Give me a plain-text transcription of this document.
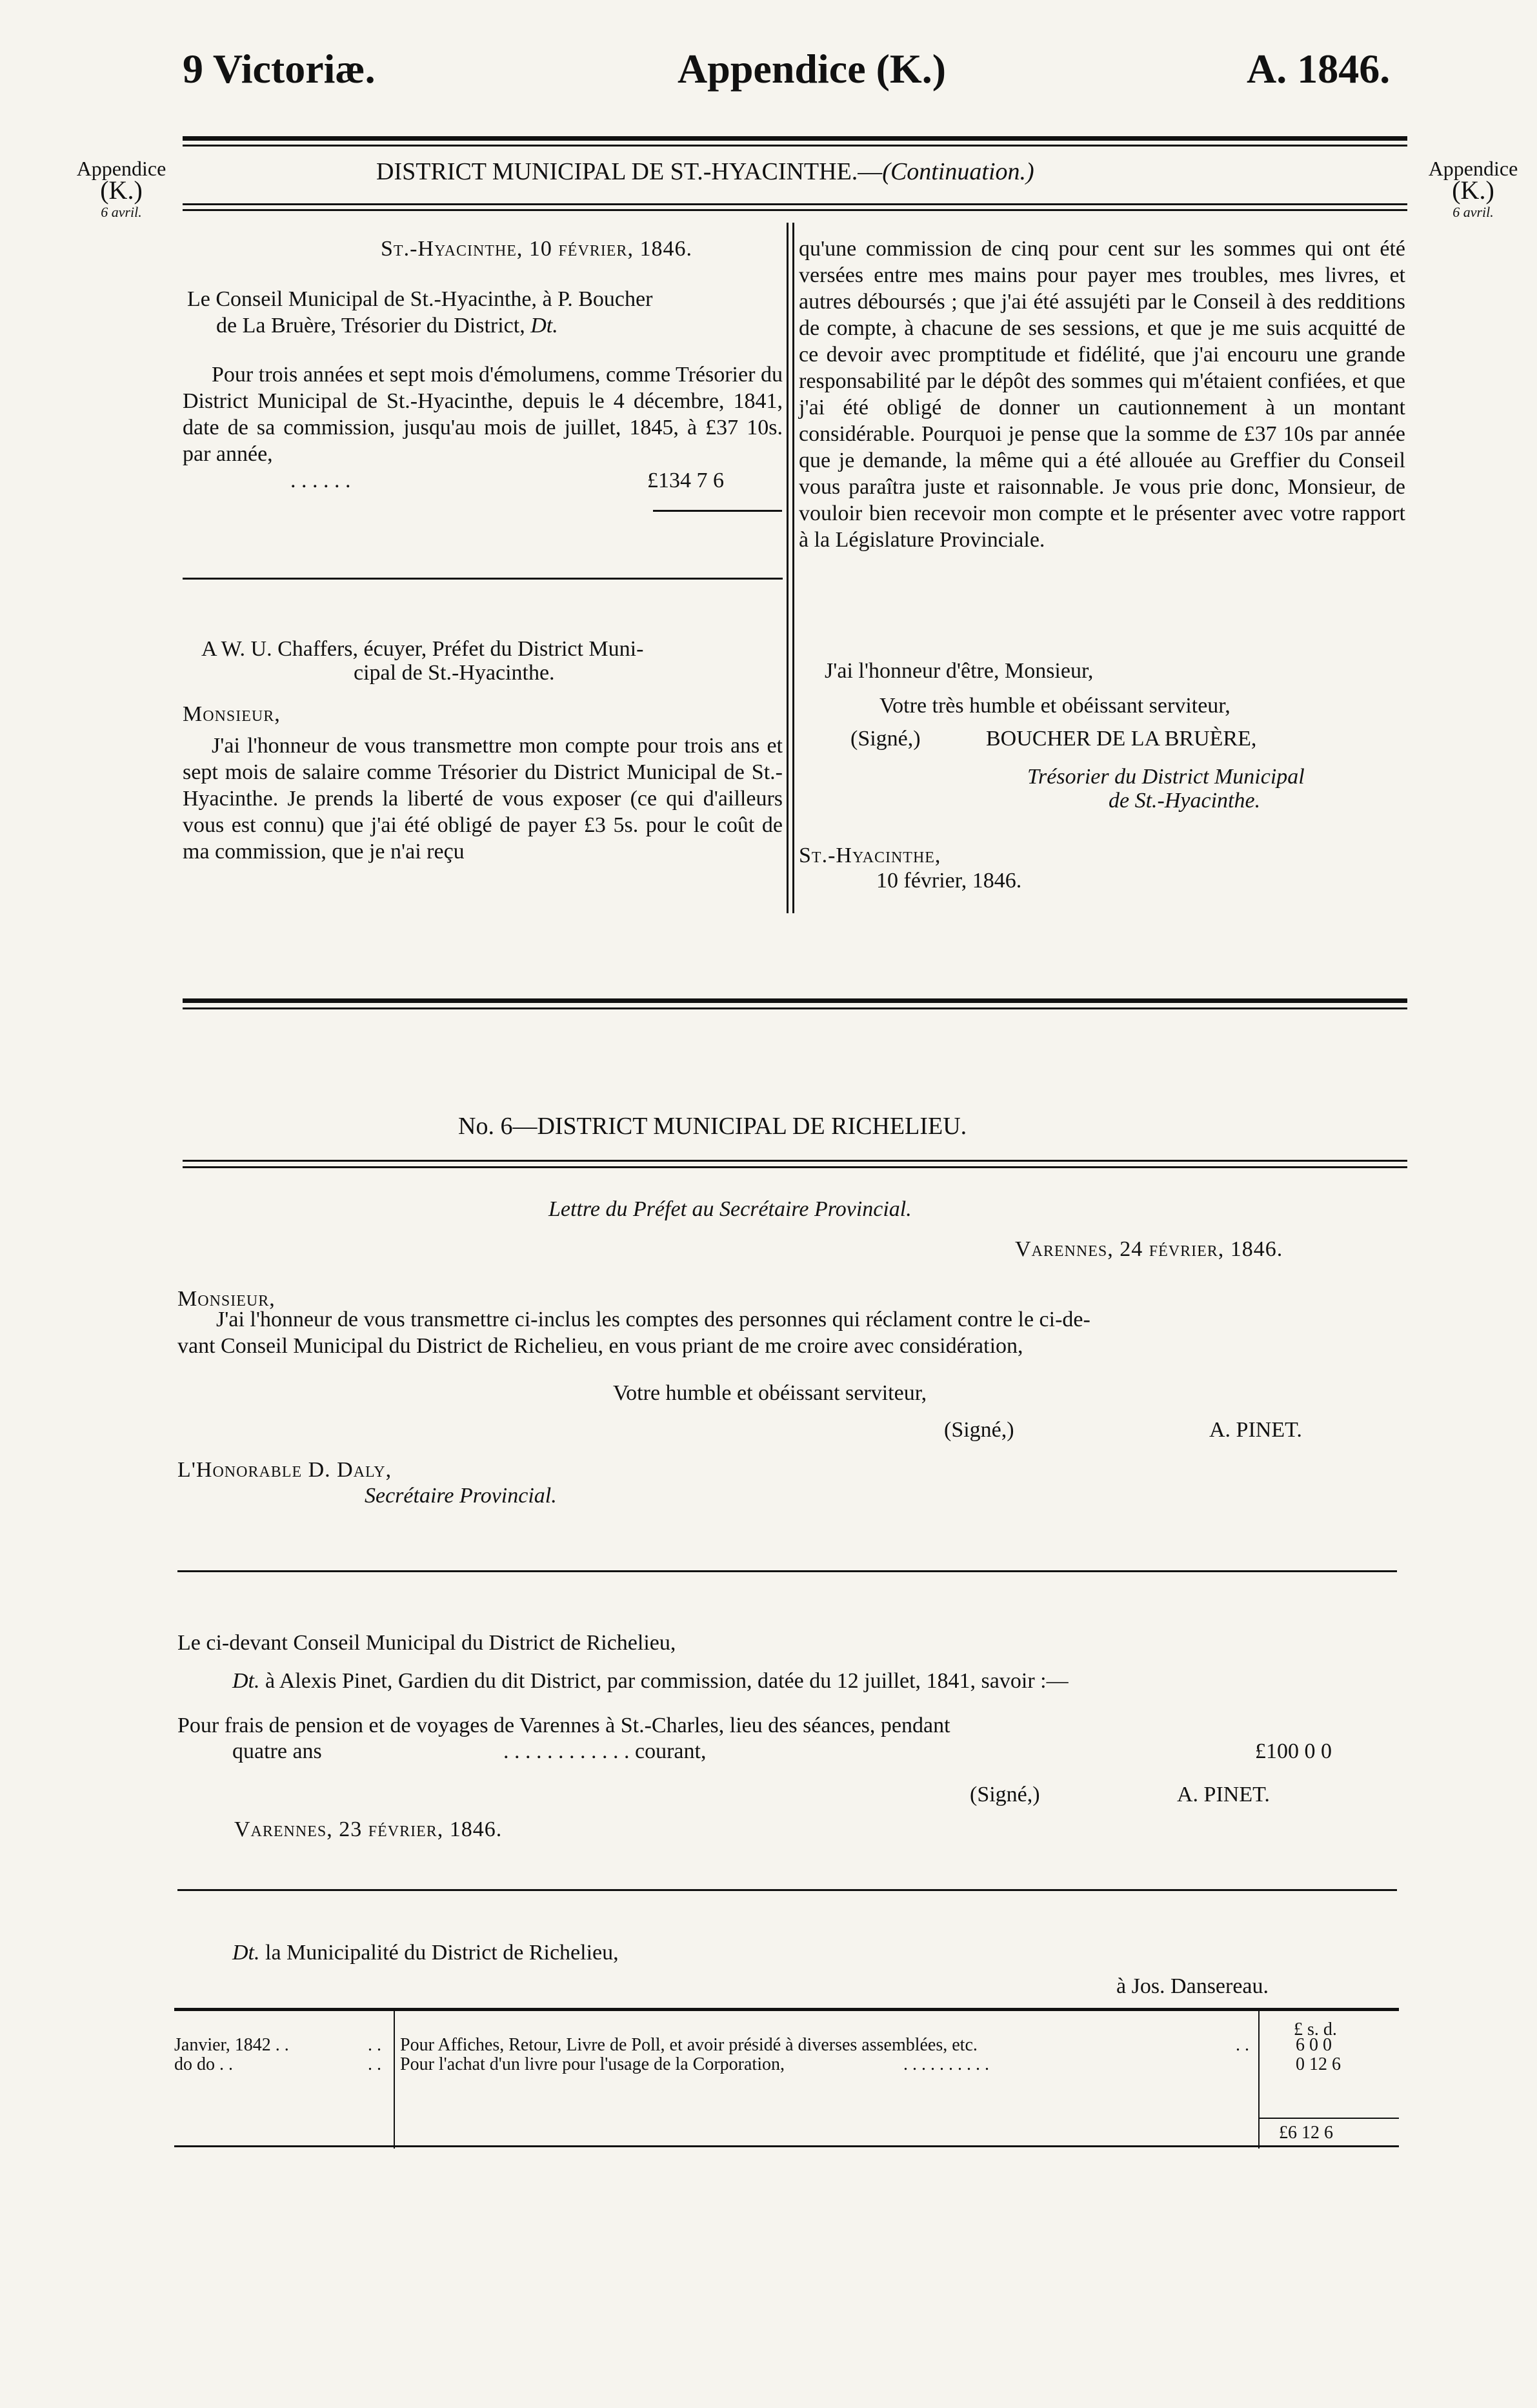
9 Victoriæ.	Appendice (K.)	A. 1846.
Appendice
(K.)
6 avril.
Appendice
(K.)
6 avril.
DISTRICT MUNICIPAL DE ST.-HYACINTHE.—(Continuation.)
St.-Hyacinthe, 10 février, 1846.
Le Conseil Municipal de St.-Hyacinthe, à P. Boucher
de La Bruère, Trésorier du District, Dt.
Pour trois années et sept mois d'émolumens, comme Trésorier du District Municipal de St.-Hyacinthe, depuis le 4 décembre, 1841, date de sa commission, jusqu'au mois de juillet, 1845, à £37 10s. par année,
. . . . . .	£134 7 6
A W. U. Chaffers, écuyer, Préfet du District Muni-
cipal de St.-Hyacinthe.
Monsieur,
J'ai l'honneur de vous transmettre mon compte pour trois ans et sept mois de salaire comme Trésorier du District Municipal de St.-Hyacinthe. Je prends la liberté de vous exposer (ce qui d'ailleurs vous est connu) que j'ai été obligé de payer £3 5s. pour le coût de ma commission, que je n'ai reçu
qu'une commission de cinq pour cent sur les sommes qui ont été versées entre mes mains pour payer mes troubles, mes livres, et autres déboursés ; que j'ai été assujéti par le Conseil à des redditions de compte, à chacune de ses sessions, et que je me suis acquitté de ce devoir avec promptitude et fidélité, que j'ai encouru une grande responsabilité par le dépôt des sommes qui m'étaient confiées, et que j'ai été obligé de donner un cautionnement à un montant considérable. Pourquoi je pense que la somme de £37 10s par année que je demande, la même qui a été allouée au Greffier du Conseil vous paraîtra juste et raisonnable. Je vous prie donc, Monsieur, de vouloir bien recevoir mon compte et le présenter avec votre rapport à la Législature Provinciale.
J'ai l'honneur d'être, Monsieur,
Votre très humble et obéissant serviteur,
(Signé,)	BOUCHER DE LA BRUÈRE,
Trésorier du District Municipal
de St.-Hyacinthe.
St.-Hyacinthe,
10 février, 1846.
No. 6—DISTRICT MUNICIPAL DE RICHELIEU.
Lettre du Préfet au Secrétaire Provincial.
Varennes, 24 février, 1846.
Monsieur,
J'ai l'honneur de vous transmettre ci-inclus les comptes des personnes qui réclament contre le ci-de-
vant Conseil Municipal du District de Richelieu, en vous priant de me croire avec considération,
Votre humble et obéissant serviteur,
(Signé,)	A. PINET.
L'Honorable D. Daly,
Secrétaire Provincial.
Le ci-devant Conseil Municipal du District de Richelieu,
Dt. à Alexis Pinet, Gardien du dit District, par commission, datée du 12 juillet, 1841, savoir :—
Pour frais de pension et de voyages de Varennes à St.-Charles, lieu des séances, pendant
quatre ans	. . . . . . . . . . . . courant,	£100 0 0
(Signé,)	A. PINET.
Varennes, 23 février, 1846.
Dt. la Municipalité du District de Richelieu,
à Jos. Dansereau.
£ s. d.
Janvier, 1842 . .	. . Pour Affiches, Retour, Livre de Poll, et avoir présidé à diverses assemblées, etc.	. .	6 0 0
do do . .	. . Pour l'achat d'un livre pour l'usage de la Corporation,	. . . . . . . . . .	0 12 6
£6 12 6
